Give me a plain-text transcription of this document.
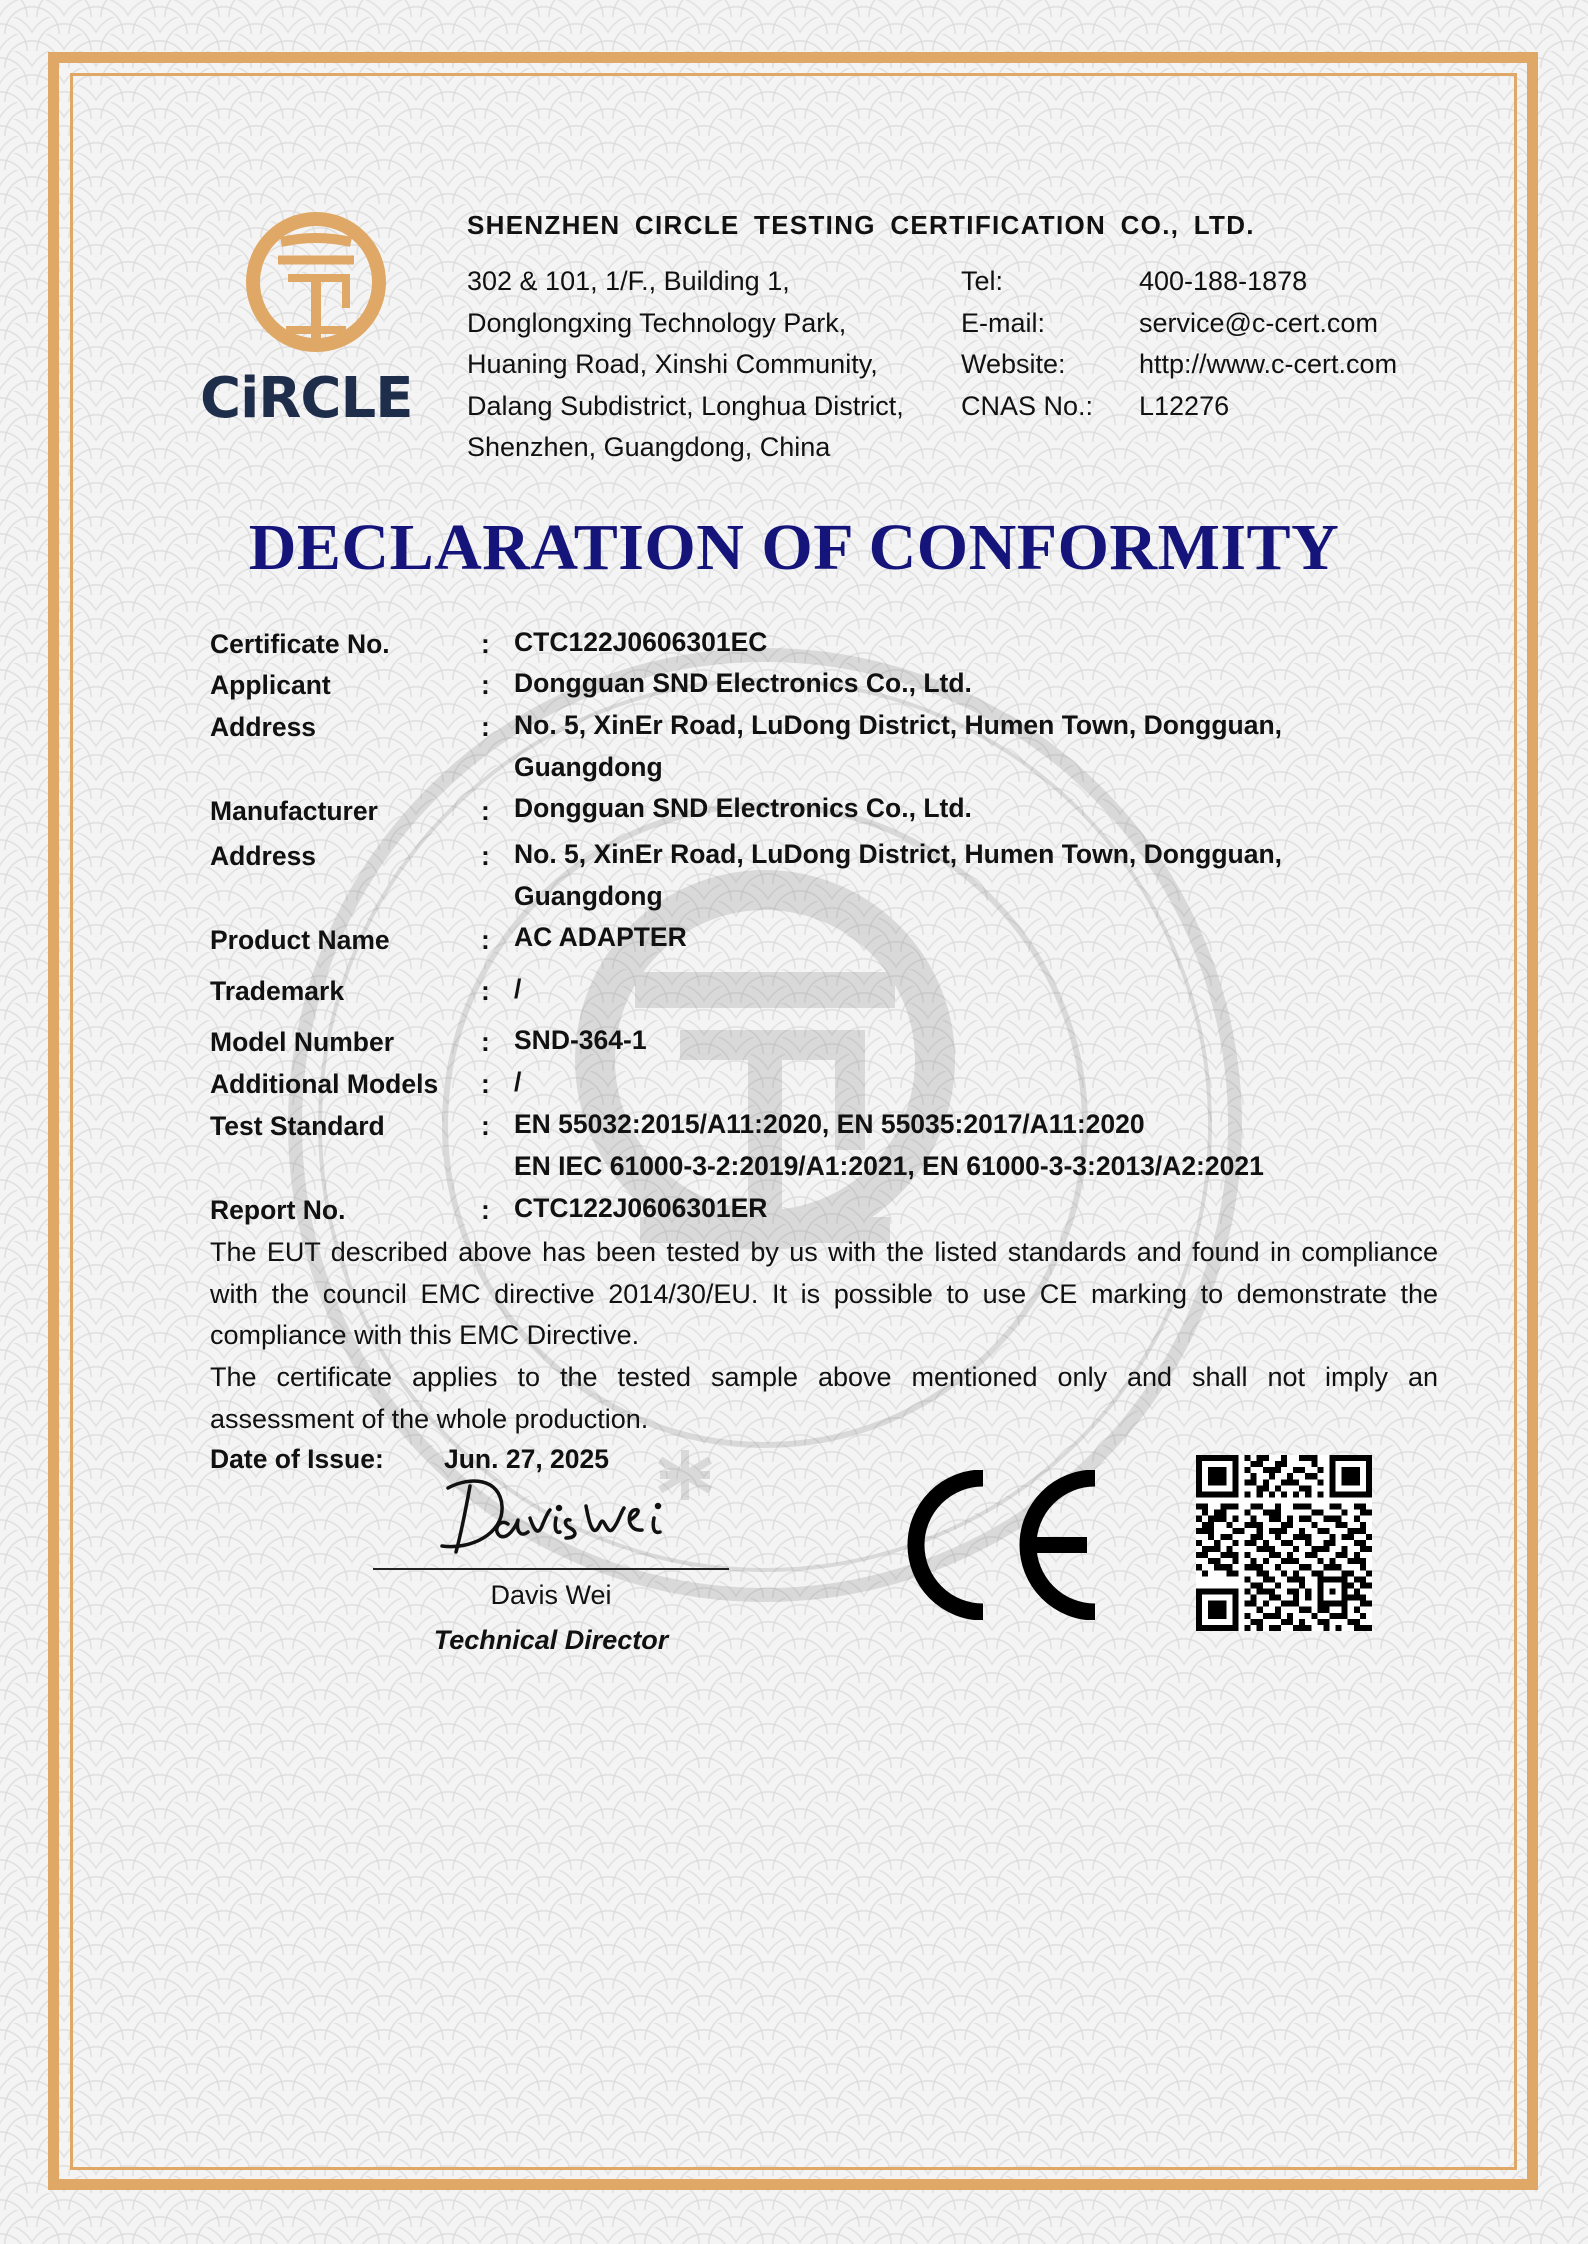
CiRCLE
SHENZHEN CIRCLE TESTING CERTIFICATION CO., LTD.
302 & 101, 1/F., Building 1,
Donglongxing Technology Park,
Huaning Road, Xinshi Community,
Dalang Subdistrict, Longhua District,
Shenzhen, Guangdong, China
Tel:	400-188-1878
E-mail:	service@c-cert.com
Website:	http://www.c-cert.com
CNAS No.:	L12276
DECLARATION OF CONFORMITY
Certificate No.	: CTC122J0606301EC
Applicant	: Dongguan SND Electronics Co., Ltd.
Address	: No. 5, XinEr Road, LuDong District, Humen Town, Dongguan,
Guangdong
Manufacturer	: Dongguan SND Electronics Co., Ltd.
Address	: No. 5, XinEr Road, LuDong District, Humen Town, Dongguan,
Guangdong
Product Name	: AC ADAPTER
Trademark	: /
Model Number	: SND-364-1
Additional Models	: /
Test Standard	: EN 55032:2015/A11:2020, EN 55035:2017/A11:2020
EN IEC 61000-3-2:2019/A1:2021, EN 61000-3-3:2013/A2:2021
Report No.	: CTC122J0606301ER
The EUT described above has been tested by us with the listed standards and found in compliance
with the council EMC directive 2014/30/EU. It is possible to use CE marking to demonstrate the
compliance with this EMC Directive.
The certificate applies to the tested sample above mentioned only and shall not imply an
assessment of the whole production.
Date of Issue: Jun. 27, 2025
Davis Wei
Technical Director
